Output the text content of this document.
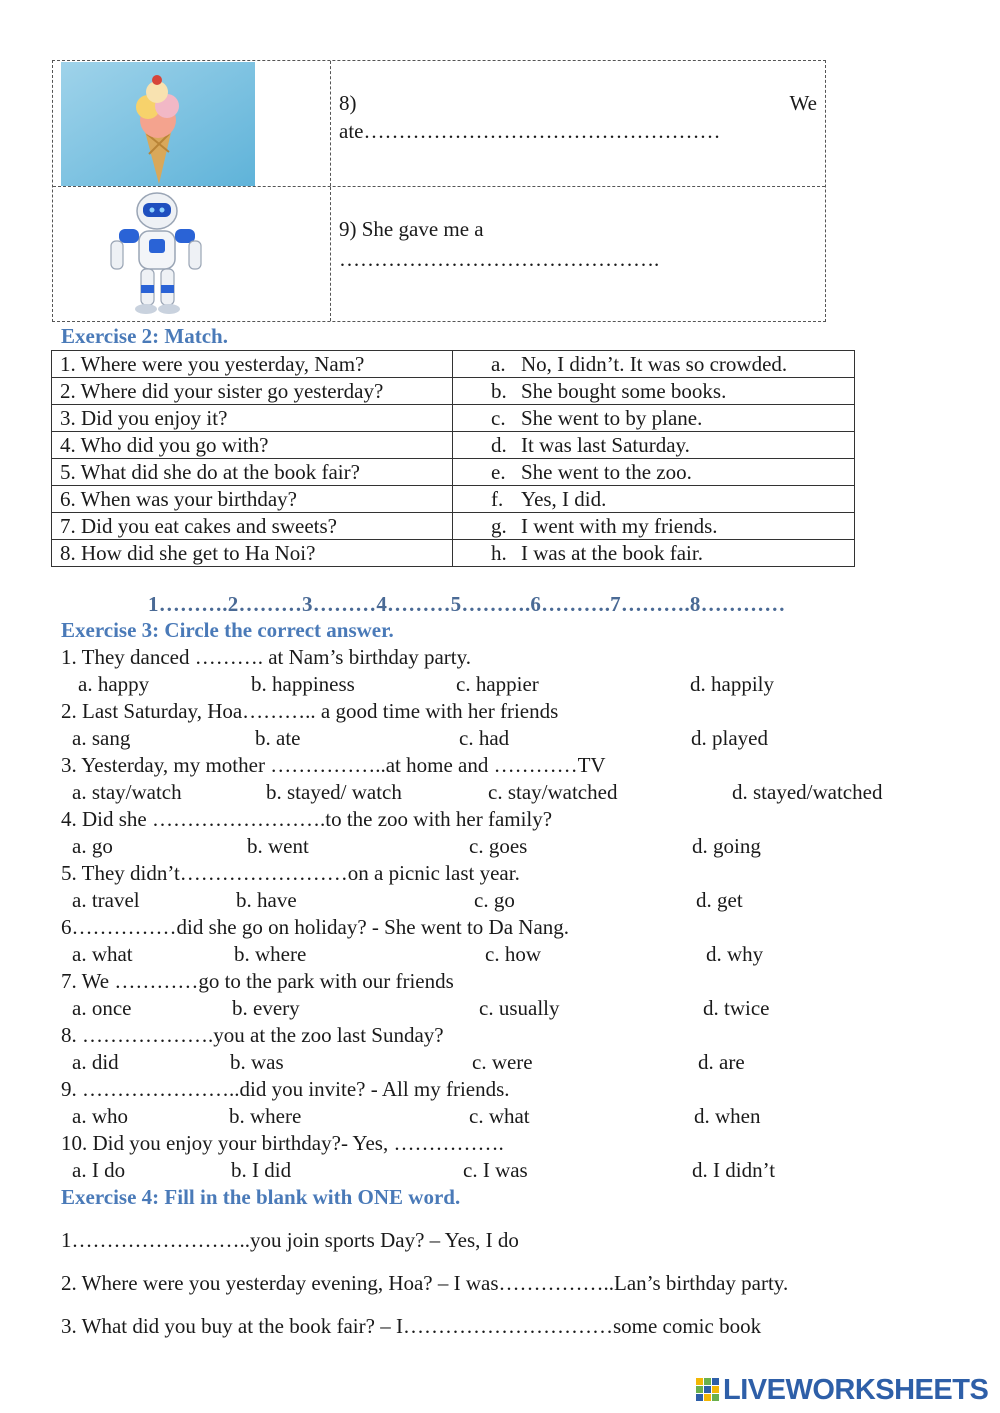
8)	We
ate……………………………………………
9) She gave me a
……………………………………….
Exercise 2: Match.
1. Where were you yesterday, Nam?	a. No, I didn’t. It was so crowded.
2. Where did your sister go yesterday?	b. She bought some books.
3. Did you enjoy it?	c. She went to by plane.
4. Who did you go with?	d. It was last Saturday.
5. What did she do at the book fair?	e. She went to the zoo.
6. When was your birthday?	f. Yes, I did.
7. Did you eat cakes and sweets?	g. I went with my friends.
8. How did she get to Ha Noi?	h. I was at the book fair.
1……….2………3………4………5……….6……….7……….8…………
Exercise 3: Circle the correct answer.
1. They danced ………. at Nam’s birthday party.
a. happy	b. happiness	c. happier	d. happily
2. Last Saturday, Hoa……….. a good time with her friends
a. sang	b. ate	c. had	d. played
3. Yesterday, my mother ……………..at home and …………TV
a. stay/watch	b. stayed/ watch	c. stay/watched	d. stayed/watched
4. Did she …………………….to the zoo with her family?
a. go	b. went	c. goes	d. going
5. They didn’t……………………on a picnic last year.
a. travel	b. have	c. go	d. get
6……………did she go on holiday? - She went to Da Nang.
a. what	b. where	c. how	d. why
7. We …………go to the park with our friends
a. once	b. every	c. usually	d. twice
8. ……………….you at the zoo last Sunday?
a. did	b. was	c. were	d. are
9. …………………..did you invite? - All my friends.
a. who	b. where	c. what	d. when
10. Did you enjoy your birthday?- Yes, …………….
a. I do	b. I did	c. I was	d. I didn’t
Exercise 4: Fill in the blank with ONE word.
1……………………..you join sports Day? – Yes, I do
2. Where were you yesterday evening, Hoa? – I was……………..Lan’s birthday party.
3. What did you buy at the book fair? – I…………………………some comic book
LIVEWORKSHEETS
